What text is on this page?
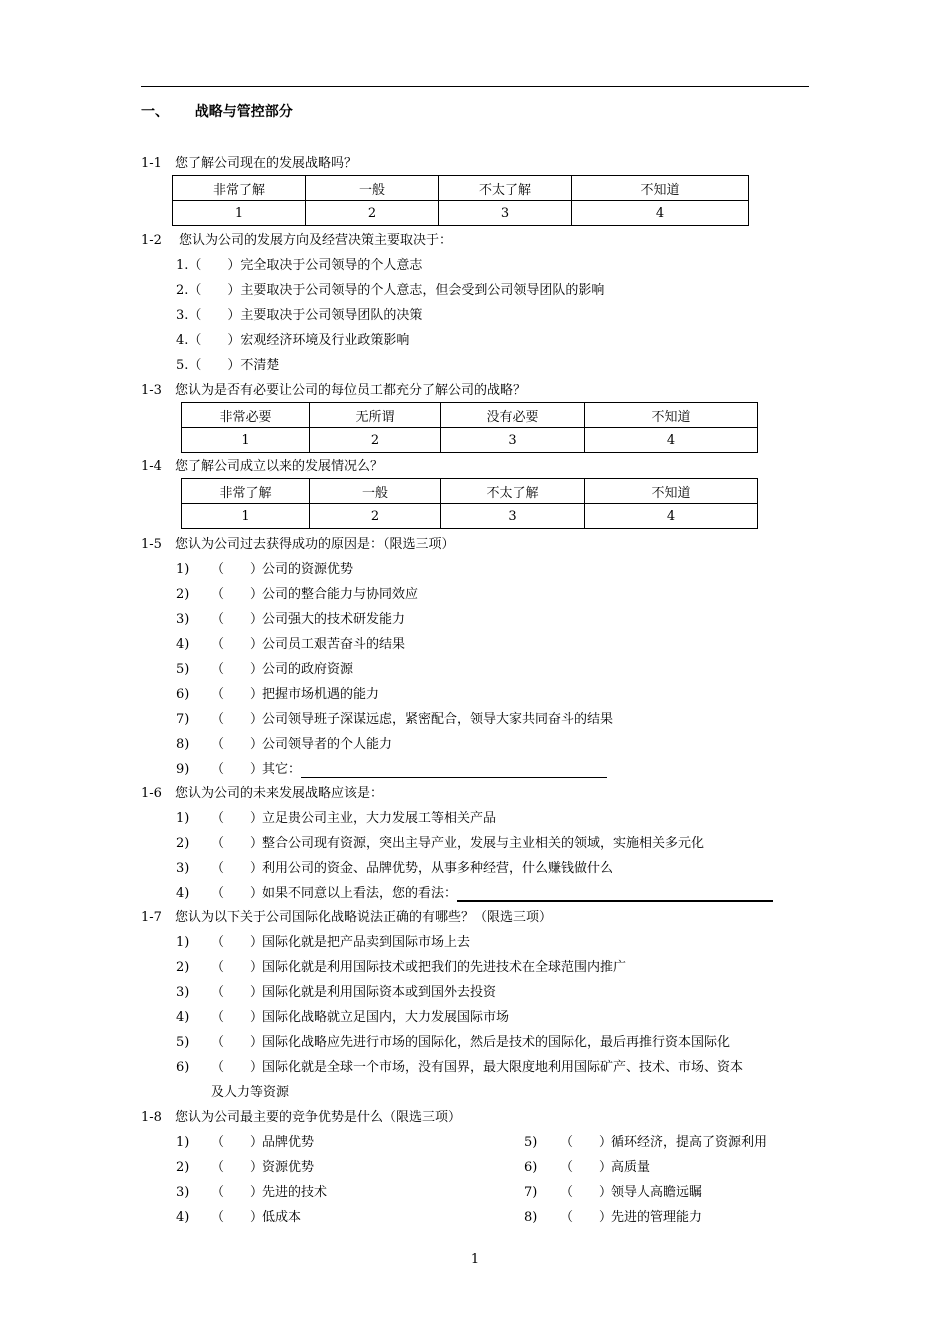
一、 战略与管控部分
1-1 您了解公司现在的发展战略吗？
非常了解	一般	不太了解	不知道
1	2	3	4
1-2 您认为公司的发展方向及经营决策主要取决于：
1.（　　）完全取决于公司领导的个人意志
2.（　　）主要取决于公司领导的个人意志，但会受到公司领导团队的影响
3.（　　）主要取决于公司领导团队的决策
4.（　　）宏观经济环境及行业政策影响
5.（　　）不清楚
1-3 您认为是否有必要让公司的每位员工都充分了解公司的战略？
非常必要	无所谓	没有必要	不知道
1	2	3	4
1-4 您了解公司成立以来的发展情况么？
非常了解	一般	不太了解	不知道
1	2	3	4
1-5 您认为公司过去获得成功的原因是：（限选三项）
1) （　　）
公司的资源优势
2) （　　）
公司的整合能力与协同效应
3) （　　）
公司强大的技术研发能力
4) （　　）
公司员工艰苦奋斗的结果
5) （　　）
公司的政府资源
6) （　　）
把握市场机遇的能力
7) （　　）
公司领导班子深谋远虑，紧密配合，领导大家共同奋斗的结果
8) （　　）
公司领导者的个人能力
9) （　　）
其它：
1-6 您认为公司的未来发展战略应该是：
1) （　　）
立足贵公司主业，大力发展工等相关产品
2) （　　）
整合公司现有资源，突出主导产业，发展与主业相关的领域，实施相关多元化
3) （　　）
利用公司的资金、品牌优势，从事多种经营，什么赚钱做什么
4) （　　）
如果不同意以上看法，您的看法：
1-7 您认为以下关于公司国际化战略说法正确的有哪些？（限选三项）
1) （　　）
国际化就是把产品卖到国际市场上去
2) （　　）
国际化就是利用国际技术或把我们的先进技术在全球范围内推广
3) （　　）
国际化就是利用国际资本或到国外去投资
4) （　　）
国际化战略就立足国内，大力发展国际市场
5) （　　）
国际化战略应先进行市场的国际化，然后是技术的国际化，最后再推行资本国际化
6) （　　）
国际化就是全球一个市场，没有国界，最大限度地利用国际矿产、技术、市场、资本
及人力等资源
1-8 您认为公司最主要的竞争优势是什么（限选三项）
1) （　　）
品牌优势
2) （　　）
资源优势
3) （　　）
先进的技术
4) （　　）
低成本
5) （　　）
循环经济，提高了资源利用
6) （　　）
高质量
7) （　　）
领导人高瞻远瞩
8) （　　）
先进的管理能力
1
